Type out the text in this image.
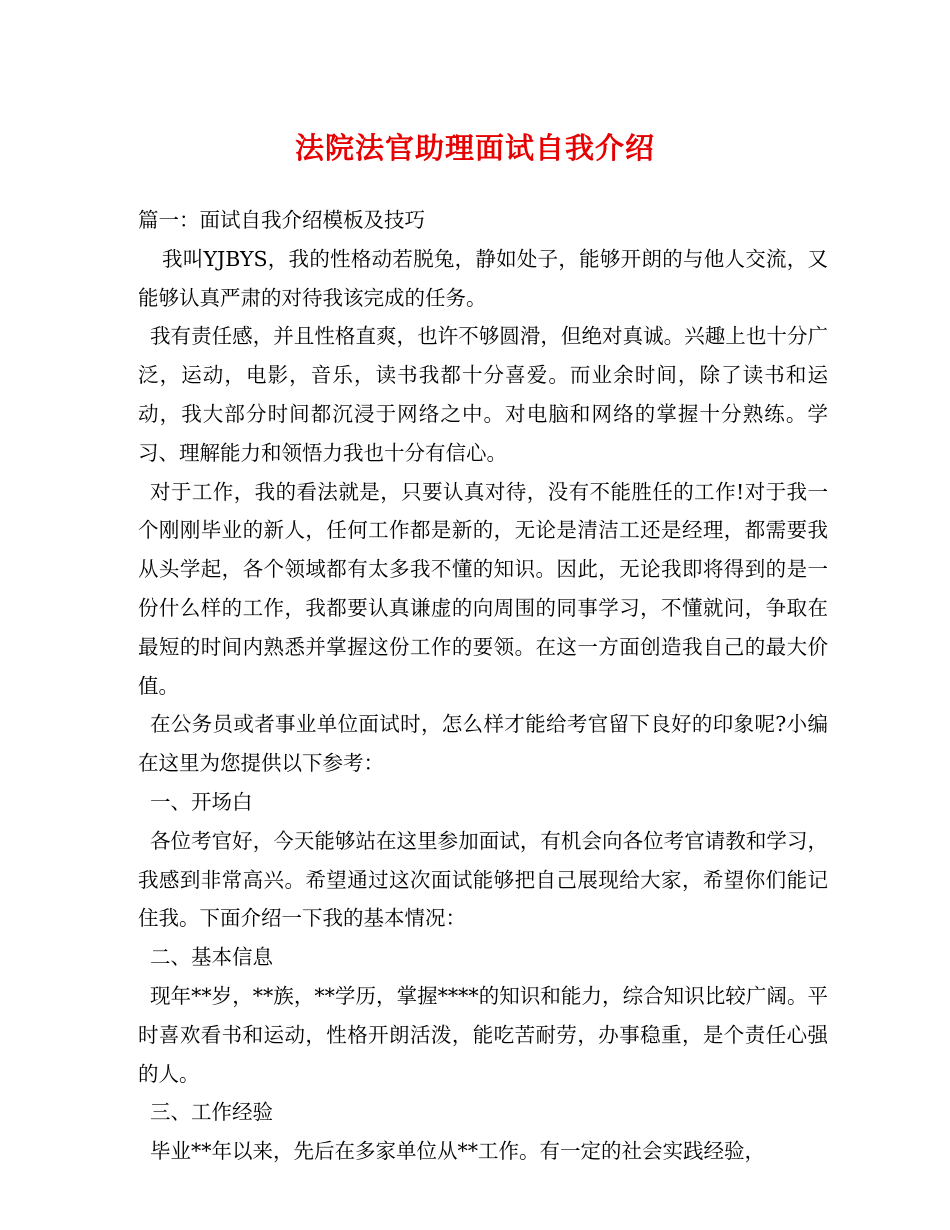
法院法官助理面试自我介绍

篇一：面试自我介绍模板及技巧

我叫YJBYS，我的性格动若脱兔，静如处子，能够开朗的与他人交流，又能够认真严肃的对待我该完成的任务。

我有责任感，并且性格直爽，也许不够圆滑，但绝对真诚。兴趣上也十分广泛，运动，电影，音乐，读书我都十分喜爱。而业余时间，除了读书和运动，我大部分时间都沉浸于网络之中。对电脑和网络的掌握十分熟练。学习、理解能力和领悟力我也十分有信心。

对于工作，我的看法就是，只要认真对待，没有不能胜任的工作!对于我一个刚刚毕业的新人，任何工作都是新的，无论是清洁工还是经理，都需要我从头学起，各个领域都有太多我不懂的知识。因此，无论我即将得到的是一份什么样的工作，我都要认真谦虚的向周围的同事学习，不懂就问，争取在最短的时间内熟悉并掌握这份工作的要领。在这一方面创造我自己的最大价值。

在公务员或者事业单位面试时，怎么样才能给考官留下良好的印象呢?小编在这里为您提供以下参考：

一、开场白

各位考官好，今天能够站在这里参加面试，有机会向各位考官请教和学习，我感到非常高兴。希望通过这次面试能够把自己展现给大家，希望你们能记住我。下面介绍一下我的基本情况：

二、基本信息

现年**岁，**族，**学历，掌握****的知识和能力，综合知识比较广阔。平时喜欢看书和运动，性格开朗活泼，能吃苦耐劳，办事稳重，是个责任心强的人。

三、工作经验

毕业**年以来，先后在多家单位从**工作。有一定的社会实践经验，
